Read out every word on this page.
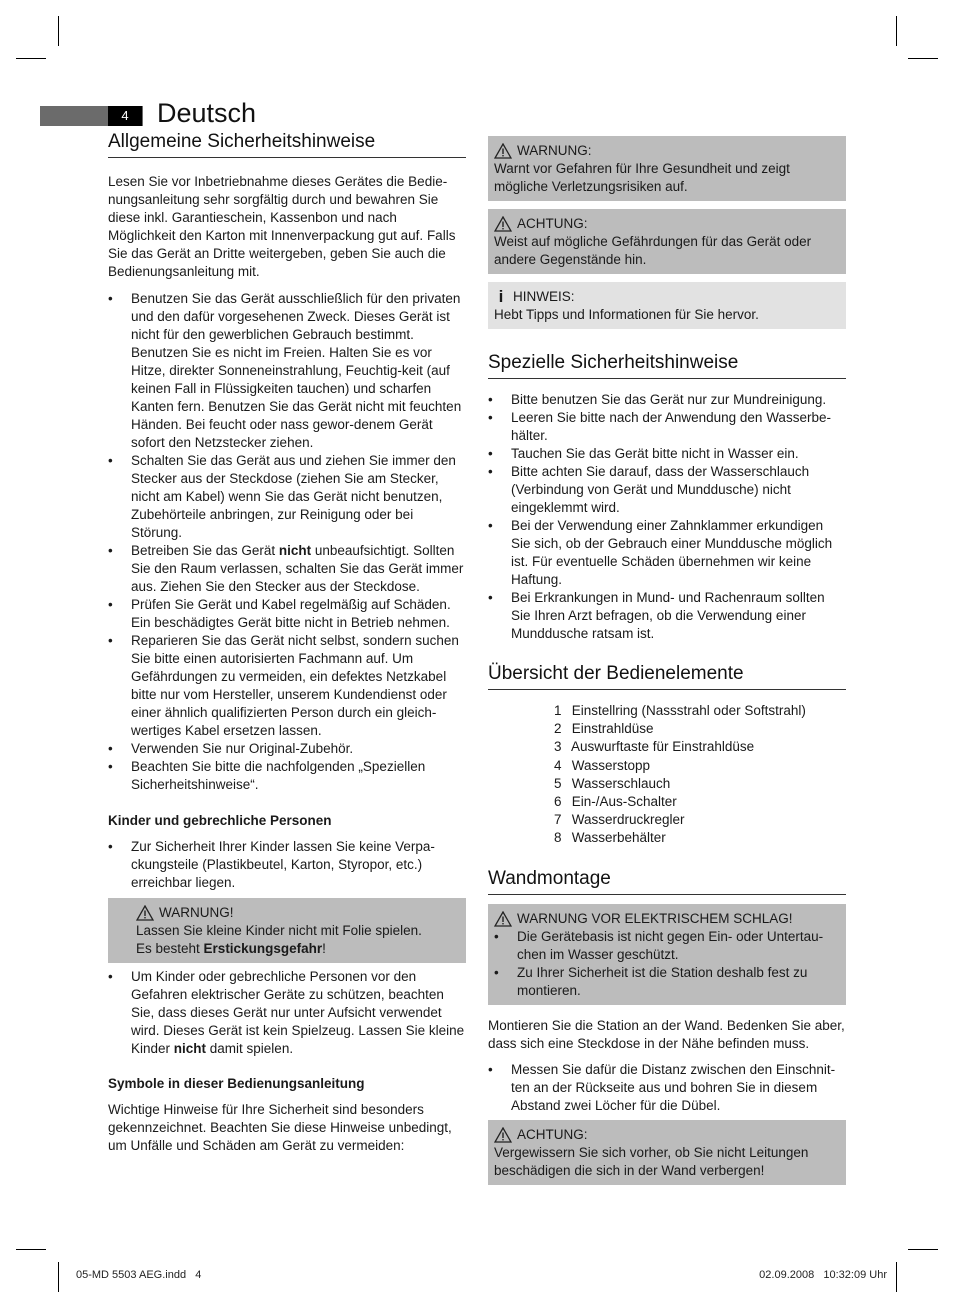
4	Deutsch
Allgemeine Sicherheitshinweise

Lesen Sie vor Inbetriebnahme dieses Gerätes die Bedie-nungsanleitung sehr sorgfältig durch und bewahren Sie diese inkl. Garantieschein, Kassenbon und nach Möglichkeit den Karton mit Innenverpackung gut auf. Falls Sie das Gerät an Dritte weitergeben, geben Sie auch die Bedienungsanleitung mit.

• Benutzen Sie das Gerät ausschließlich für den privaten und den dafür vorgesehenen Zweck. Dieses Gerät ist nicht für den gewerblichen Gebrauch bestimmt. Benutzen Sie es nicht im Freien. Halten Sie es vor Hitze, direkter Sonneneinstrahlung, Feuchtig-keit (auf keinen Fall in Flüssigkeiten tauchen) und scharfen Kanten fern. Benutzen Sie das Gerät nicht mit feuchten Händen. Bei feucht oder nass gewor-denem Gerät sofort den Netzstecker ziehen.
• Schalten Sie das Gerät aus und ziehen Sie immer den Stecker aus der Steckdose (ziehen Sie am Stecker, nicht am Kabel) wenn Sie das Gerät nicht benutzen, Zubehörteile anbringen, zur Reinigung oder bei Störung.
• Betreiben Sie das Gerät nicht unbeaufsichtigt. Sollten Sie den Raum verlassen, schalten Sie das Gerät immer aus. Ziehen Sie den Stecker aus der Steckdose.
• Prüfen Sie Gerät und Kabel regelmäßig auf Schäden. Ein beschädigtes Gerät bitte nicht in Betrieb nehmen.
• Reparieren Sie das Gerät nicht selbst, sondern suchen Sie bitte einen autorisierten Fachmann auf. Um Gefährdungen zu vermeiden, ein defektes Netzkabel bitte nur vom Hersteller, unserem Kundendienst oder einer ähnlich qualifizierten Person durch ein gleich-wertiges Kabel ersetzen lassen.
• Verwenden Sie nur Original-Zubehör.
• Beachten Sie bitte die nachfolgenden „Speziellen Sicherheitshinweise“.

Kinder und gebrechliche Personen

• Zur Sicherheit Ihrer Kinder lassen Sie keine Verpa-ckungsteile (Plastikbeutel, Karton, Styropor, etc.) erreichbar liegen.
WARNUNG!
Lassen Sie kleine Kinder nicht mit Folie spielen.
Es besteht Erstickungsgefahr!
• Um Kinder oder gebrechliche Personen vor den Gefahren elektrischer Geräte zu schützen, beachten Sie, dass dieses Gerät nur unter Aufsicht verwendet wird. Dieses Gerät ist kein Spielzeug. Lassen Sie kleine Kinder nicht damit spielen.

Symbole in dieser Bedienungsanleitung

Wichtige Hinweise für Ihre Sicherheit sind besonders gekennzeichnet. Beachten Sie diese Hinweise unbedingt, um Unfälle und Schäden am Gerät zu vermeiden:

WARNUNG:
Warnt vor Gefahren für Ihre Gesundheit und zeigt mögliche Verletzungsrisiken auf.
ACHTUNG:
Weist auf mögliche Gefährdungen für das Gerät oder andere Gegenstände hin.
i HINWEIS:
Hebt Tipps und Informationen für Sie hervor.
Spezielle Sicherheitshinweise
• Bitte benutzen Sie das Gerät nur zur Mundreinigung.
• Leeren Sie bitte nach der Anwendung den Wasserbe-hälter.
• Tauchen Sie das Gerät bitte nicht in Wasser ein.
• Bitte achten Sie darauf, dass der Wasserschlauch (Verbindung von Gerät und Munddusche) nicht eingeklemmt wird.
• Bei der Verwendung einer Zahnklammer erkundigen Sie sich, ob der Gebrauch einer Munddusche möglich ist. Für eventuelle Schäden übernehmen wir keine Haftung.
• Bei Erkrankungen in Mund- und Rachenraum sollten Sie Ihren Arzt befragen, ob die Verwendung einer Munddusche ratsam ist.
Übersicht der Bedienelemente
1 Einstellring (Nassstrahl oder Softstrahl)
2 Einstrahldüse
3 Auswurftaste für Einstrahldüse
4 Wasserstopp
5 Wasserschlauch
6 Ein-/Aus-Schalter
7 Wasserdruckregler
8 Wasserbehälter
Wandmontage
WARNUNG VOR ELEKTRISCHEM SCHLAG!
• Die Gerätebasis ist nicht gegen Ein- oder Untertau-chen im Wasser geschützt.
• Zu Ihrer Sicherheit ist die Station deshalb fest zu montieren.

Montieren Sie die Station an der Wand. Bedenken Sie aber, dass sich eine Steckdose in der Nähe befinden muss.

• Messen Sie dafür die Distanz zwischen den Einschnit-ten an der Rückseite aus und bohren Sie in diesem Abstand zwei Löcher für die Dübel.
ACHTUNG:
Vergewissern Sie sich vorher, ob Sie nicht Leitungen beschädigen die sich in der Wand verbergen!
05-MD 5503 AEG.indd   4	02.09.2008   10:32:09 Uhr
